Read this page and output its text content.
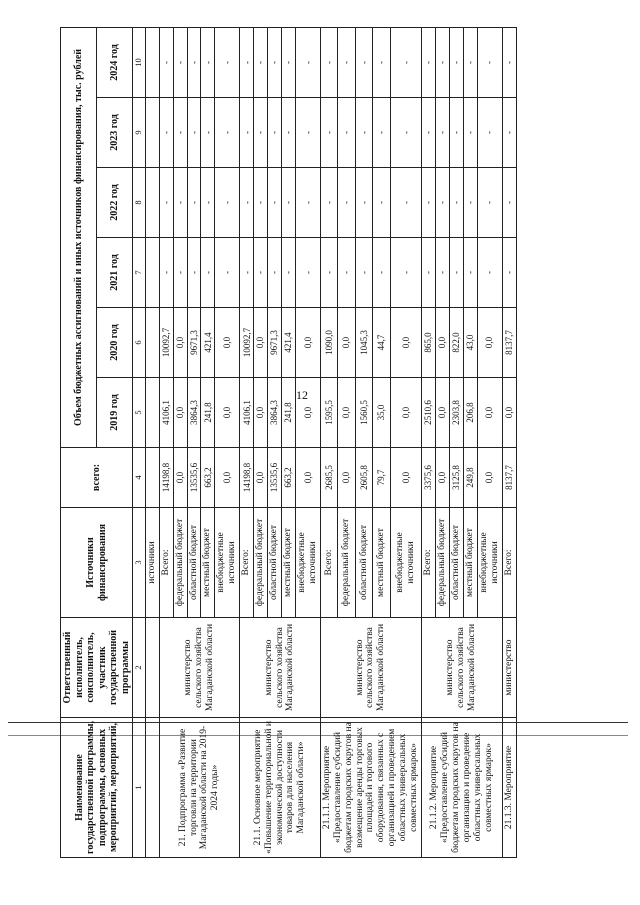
12
Наименование государственной программы, подпрограммы, основных мероприятий, мероприятий,	Ответственный исполнитель, соисполнитель, участник государственной программы	Источники финансирования	всего:	Объем бюджетных ассигнований и иных источников финансирования, тыс. рублей					
				2019 год	2020 год	2021 год	2022 год	2023 год	2024 год
1	2	3	4	5	6	7	8	9	10
		источники							
21. Подпрограмма «Развитие торговли на территории Магаданской области на 2019-2024 годы»	министерство сельского хозяйства Магаданской области	Всего:	14198,8	4106,1	10092,7	-	-	-	-
		федеральный бюджет	0,0	0,0	0,0	-	-	-	-
		областной бюджет	13535,6	3864,3	9671,3	-	-	-	-
		местный бюджет	663,2	241,8	421,4	-	-	-	-
		внебюджетные источники	0,0	0,0	0,0	-	-	-	-
21.1. Основное мероприятие «Повышение территориальной и экономической доступности товаров для населения Магаданской области»	министерство сельского хозяйства Магаданской области	Всего:	14198,8	4106,1	10092,7	-	-	-	-
		федеральный бюджет	0,0	0,0	0,0	-	-	-	-
		областной бюджет	13535,6	3864,3	9671,3	-	-	-	-
		местный бюджет	663,2	241,8	421,4	-	-	-	-
		внебюджетные источники	0,0	0,0	0,0	-	-	-	-
21.1.1. Мероприятие «Предоставление субсидий бюджетам городских округов на возмещение аренды торговых площадей и торгового оборудования, связанных с организацией и проведением областных универсальных совместных ярмарок»	министерство сельского хозяйства Магаданской области	Всего:	2685,5	1595,5	1090,0	-	-	-	-
		федеральный бюджет	0,0	0,0	0,0	-	-	-	-
		областной бюджет	2605,8	1560,5	1045,3	-	-	-	-
		местный бюджет	79,7	35,0	44,7	-	-	-	-
		внебюджетные источники	0,0	0,0	0,0	-	-	-	-
21.1.2. Мероприятие «Предоставление субсидий бюджетам городских округов на организацию и проведение областных универсальных совместных ярмарок»	министерство сельского хозяйства Магаданской области	Всего:	3375,6	2510,6	865,0	-	-	-	-
		федеральный бюджет	0,0	0,0	0,0	-	-	-	-
		областной бюджет	3125,8	2303,8	822,0	-	-	-	-
		местный бюджет	249,8	206,8	43,0	-	-	-	-
		внебюджетные источники	0,0	0,0	0,0	-	-	-	-
21.1.3. Мероприятие	министерство	Всего:	8137,7	0,0	8137,7	-	-	-	-
